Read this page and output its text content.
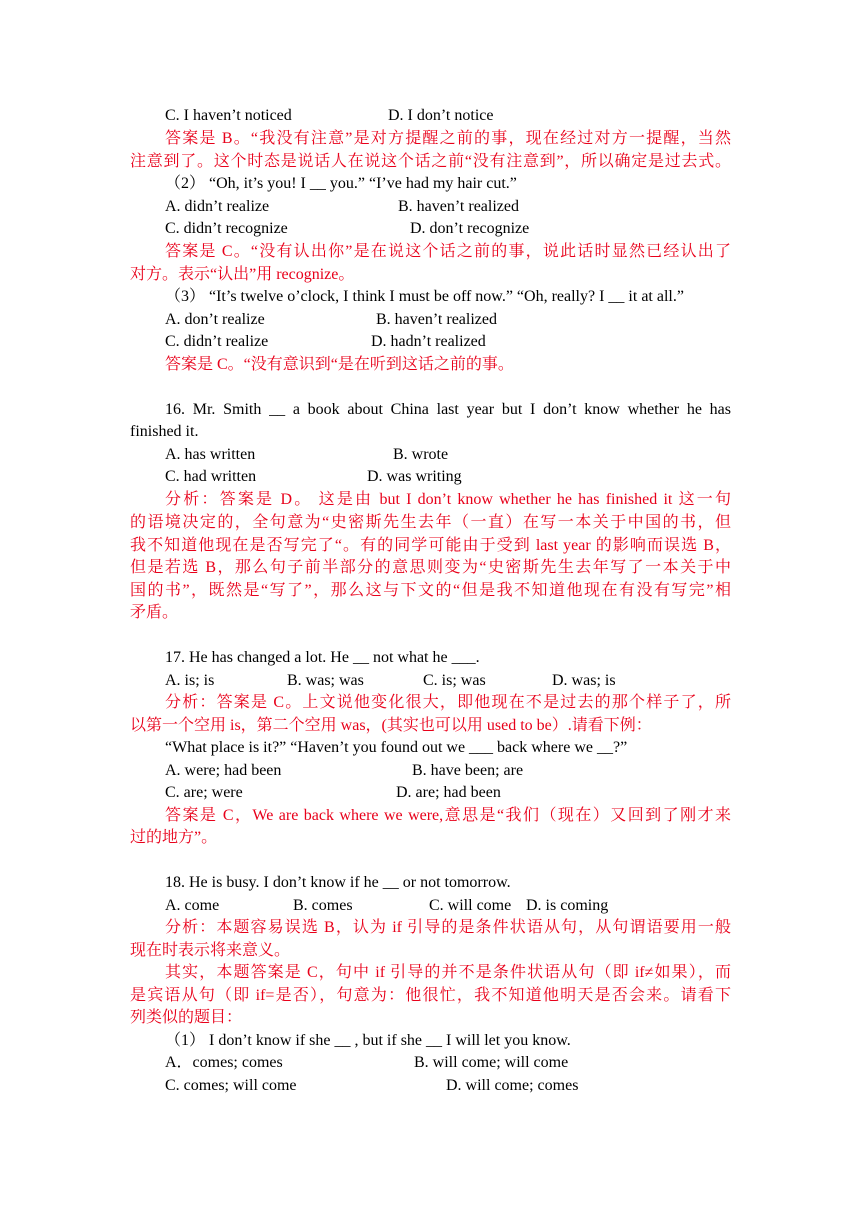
C. I haven’t noticed	D. I don’t notice
答案是 B。“我没有注意”是对方提醒之前的事，现在经过对方一提醒，当然
注意到了。这个时态是说话人在说这个话之前“没有注意到”，所以确定是过去式。
（2） “Oh, it’s you! I __ you.” “I’ve had my hair cut.”
A. didn’t realize	B. haven’t realized
C. didn’t recognize	D. don’t recognize
答案是 C。“没有认出你”是在说这个话之前的事，说此话时显然已经认出了
对方。表示“认出”用 recognize。
（3） “It’s twelve o’clock, I think I must be off now.” “Oh, really? I __ it at all.”
A. don’t realize	B. haven’t realized
C. didn’t realize	D. hadn’t realized
答案是 C。“没有意识到“是在听到这话之前的事。
16. Mr. Smith __ a book about China last year but I don’t know whether he has
finished it.
A. has written	B. wrote
C. had written	D. was writing
分析：答案是 D。 这是由 but I don’t know whether he has finished it 这一句
的语境决定的，全句意为“史密斯先生去年（一直）在写一本关于中国的书，但
我不知道他现在是否写完了“。有的同学可能由于受到 last year 的影响而误选 B，
但是若选 B，那么句子前半部分的意思则变为“史密斯先生去年写了一本关于中
国的书”，既然是“写了”，那么这与下文的“但是我不知道他现在有没有写完”相
矛盾。
17. He has changed a lot. He __ not what he ___.
A. is; is	B. was; was	C. is; was	D. was; is
分析：答案是 C。上文说他变化很大，即他现在不是过去的那个样子了，所
以第一个空用 is，第二个空用 was，(其实也可以用 used to be）.请看下例：
“What place is it?” “Haven’t you found out we ___ back where we __?”
A. were; had been	B. have been; are
C. are; were	D. are; had been
答案是 C，We are back where we were,意思是“我们（现在）又回到了刚才来
过的地方”。
18. He is busy. I don’t know if he __ or not tomorrow.
A. come	B. comes	C. will come D. is coming
分析：本题容易误选 B，认为 if 引导的是条件状语从句，从句谓语要用一般
现在时表示将来意义。
其实，本题答案是 C，句中 if 引导的并不是条件状语从句（即 if≠如果），而
是宾语从句（即 if=是否），句意为：他很忙，我不知道他明天是否会来。请看下
列类似的题目：
（1） I don’t know if she __ , but if she __ I will let you know.
A．comes; comes	B. will come; will come
C. comes; will come	D. will come; comes
